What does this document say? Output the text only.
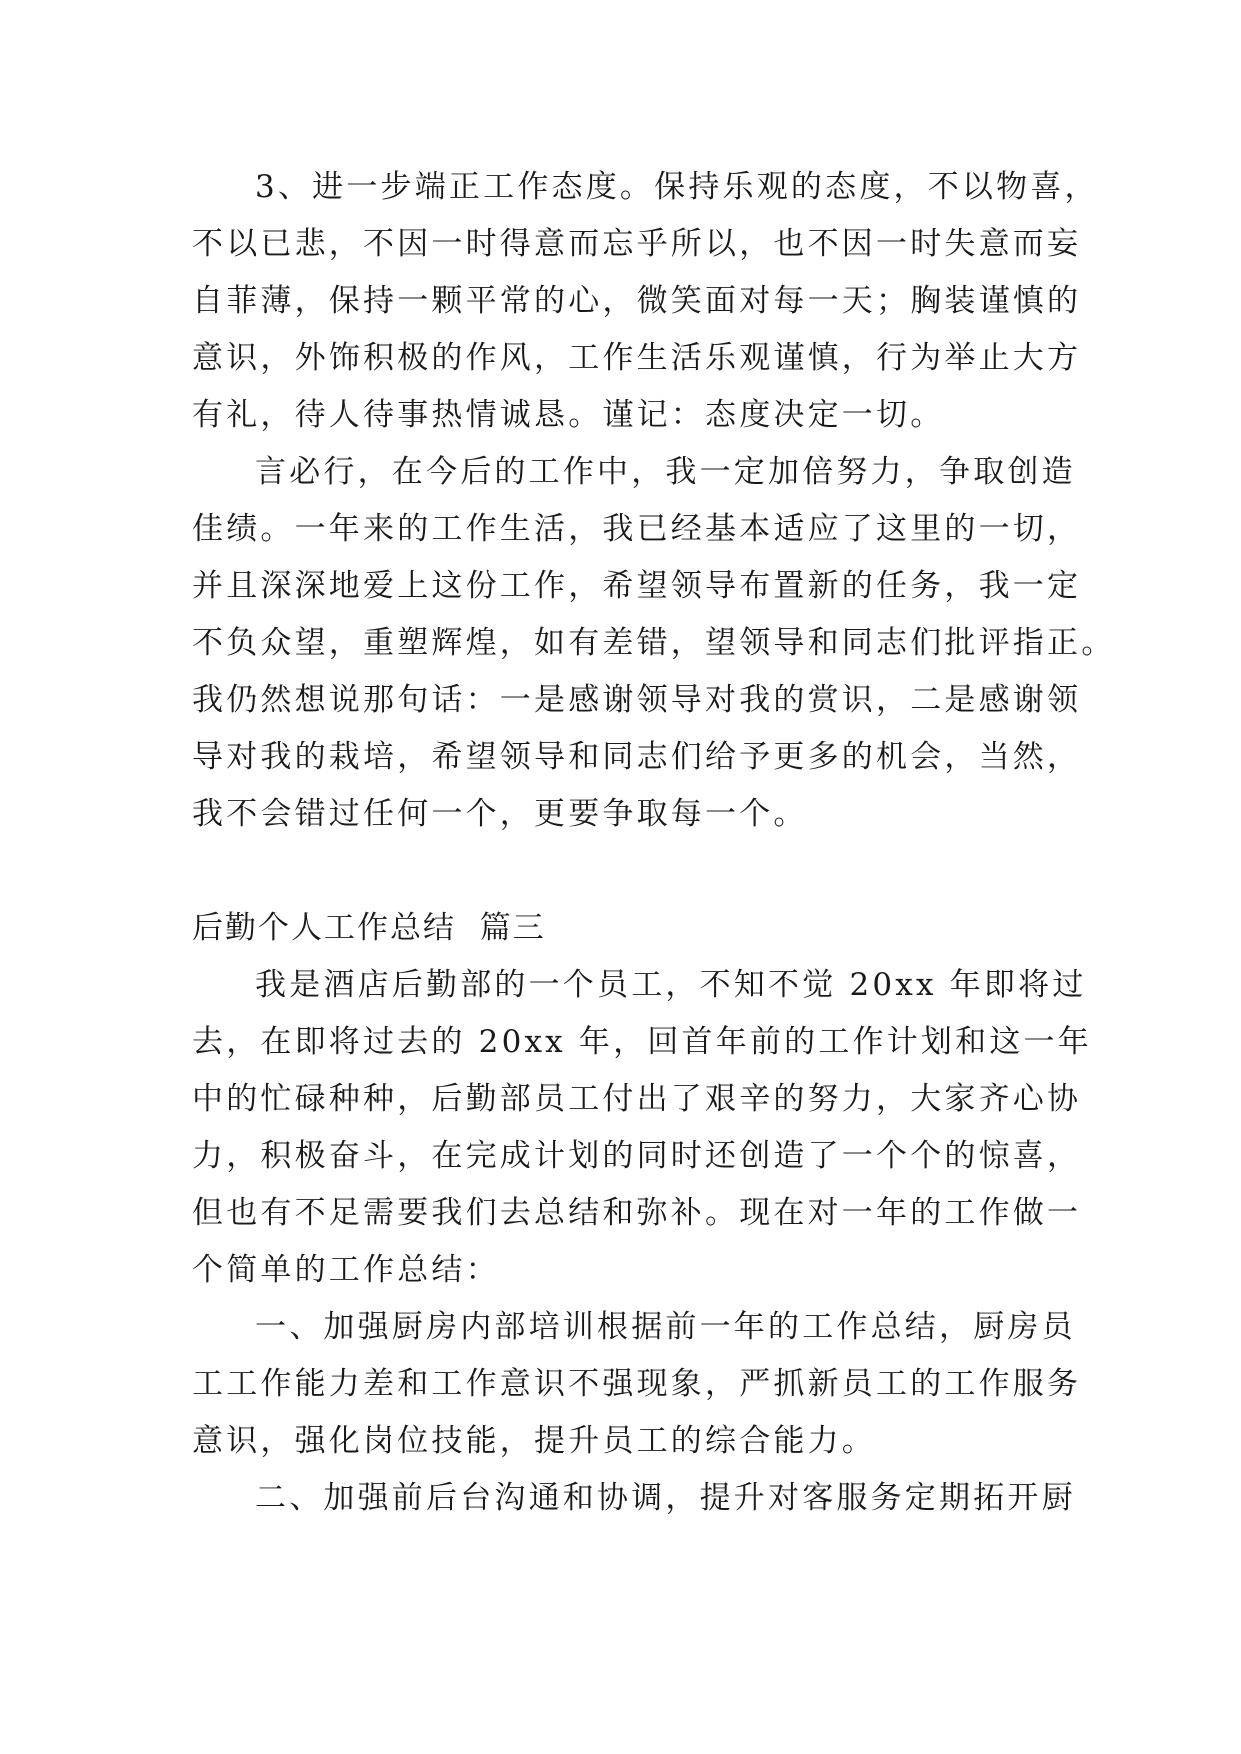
3、进一步端正工作态度。保持乐观的态度，不以物喜，
不以已悲，不因一时得意而忘乎所以，也不因一时失意而妄
自菲薄，保持一颗平常的心，微笑面对每一天；胸装谨慎的
意识，外饰积极的作风，工作生活乐观谨慎，行为举止大方
有礼，待人待事热情诚恳。谨记：态度决定一切。
言必行，在今后的工作中，我一定加倍努力，争取创造
佳绩。一年来的工作生活，我已经基本适应了这里的一切，
并且深深地爱上这份工作，希望领导布置新的任务，我一定
不负众望，重塑辉煌，如有差错，望领导和同志们批评指正。
我仍然想说那句话：一是感谢领导对我的赏识，二是感谢领
导对我的栽培，希望领导和同志们给予更多的机会，当然，
我不会错过任何一个，更要争取每一个。
后勤个人工作总结  篇三
我是酒店后勤部的一个员工，不知不觉 20xx 年即将过
去，在即将过去的 20xx 年，回首年前的工作计划和这一年
中的忙碌种种，后勤部员工付出了艰辛的努力，大家齐心协
力，积极奋斗，在完成计划的同时还创造了一个个的惊喜，
但也有不足需要我们去总结和弥补。现在对一年的工作做一
个简单的工作总结：
一、加强厨房内部培训根据前一年的工作总结，厨房员
工工作能力差和工作意识不强现象，严抓新员工的工作服务
意识，强化岗位技能，提升员工的综合能力。
二、加强前后台沟通和协调，提升对客服务定期拓开厨
